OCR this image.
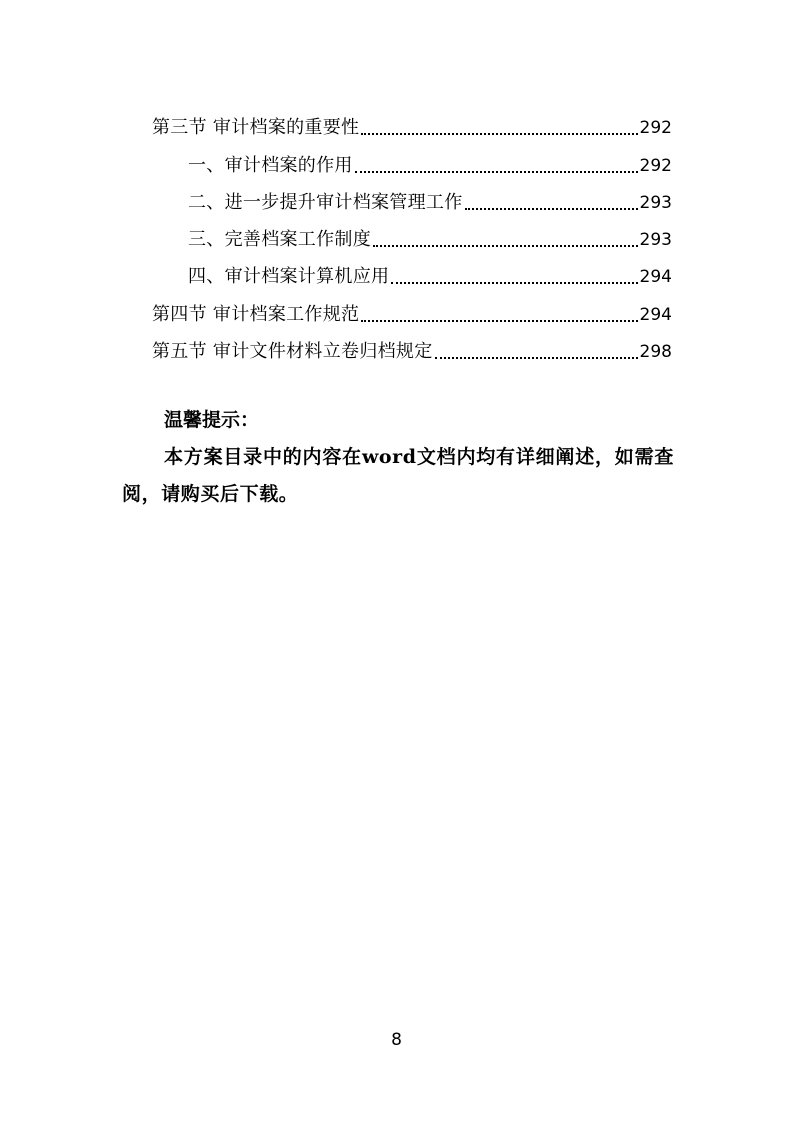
第三节 审计档案的重要性	292
一、审计档案的作用	292
二、进一步提升审计档案管理工作	293
三、完善档案工作制度	293
四、审计档案计算机应用	294
第四节 审计档案工作规范	294
第五节 审计文件材料立卷归档规定	298
温馨提示：
本方案目录中的内容在word文档内均有详细阐述，如需查阅，请购买后下载。
8
